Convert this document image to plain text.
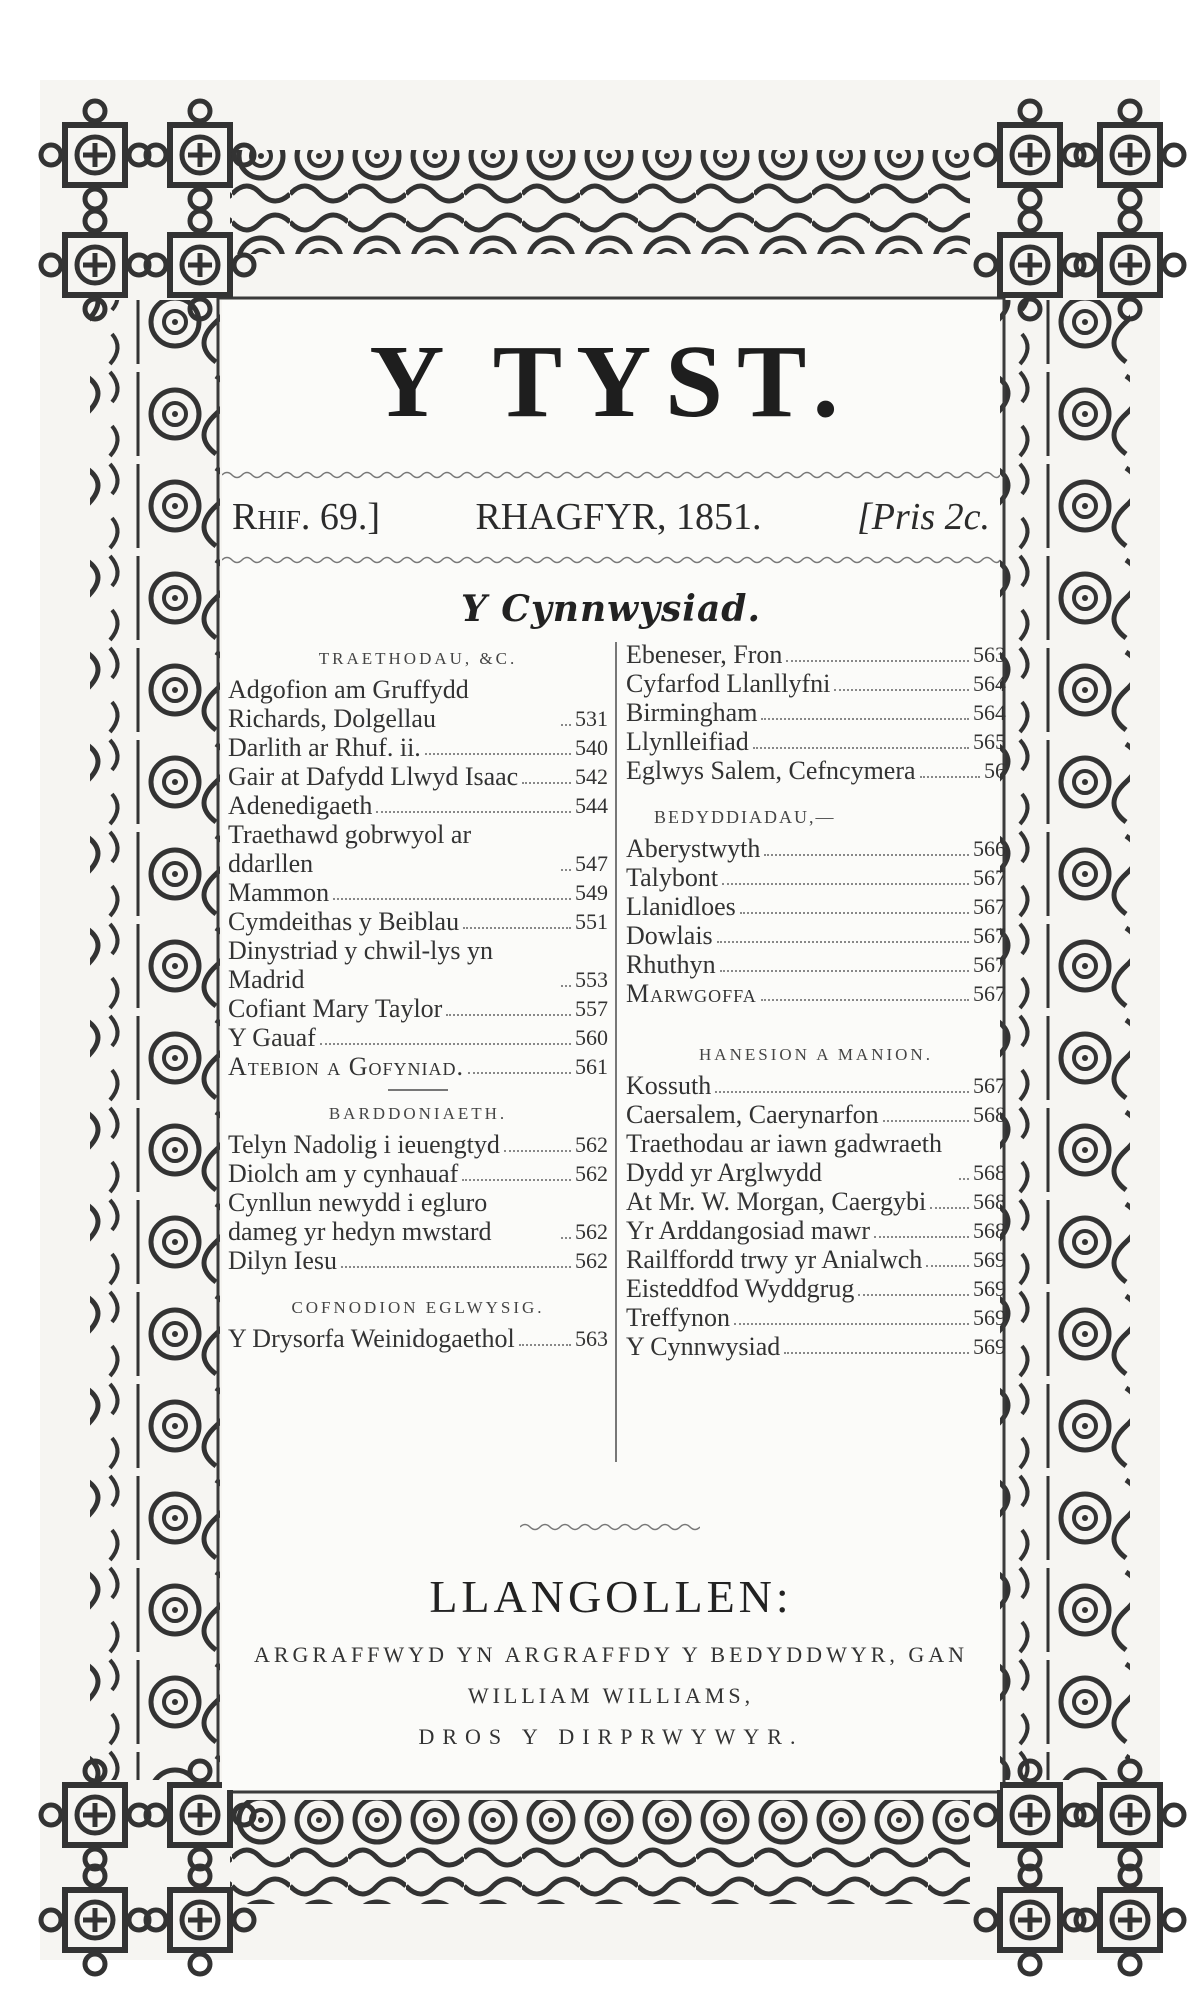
Y TYST.
Rhif. 69.]	RHAGFYR, 1851.	[Pris 2c.
Y Cynnwysiad.
TRAETHODAU, &C.
Adgofion am Gruffydd Richards, Dolgellau	531
Darlith ar Rhuf. ii.	540
Gair at Dafydd Llwyd Isaac	542
Adenedigaeth	544
Traethawd gobrwyol ar ddarllen	547
Mammon	549
Cymdeithas y Beiblau	551
Dinystriad y chwil-lys yn Madrid	553
Cofiant Mary Taylor	557
Y Gauaf	560
Atebion a Gofyniad.	561
BARDDONIAETH.
Telyn Nadolig i ieuengtyd	562
Diolch am y cynhauaf	562
Cynllun newydd i egluro dameg yr hedyn mwstard	562
Dilyn Iesu	562
COFNODION EGLWYSIG.
Y Drysorfa Weinidogaethol	563
Ebeneser, Fron	563
Cyfarfod Llanllyfni	564
Birmingham	564
Llynlleifiad	565
Eglwys Salem, Cefncymera	56
BEDYDDIADAU,—
Aberystwyth	566
Talybont	567
Llanidloes	567
Dowlais	567
Rhuthyn	567
Marwgoffa	567
HANESION A MANION.
Kossuth	567
Caersalem, Caerynarfon	568
Traethodau ar iawn gadwraeth Dydd yr Arglwydd	568
At Mr. W. Morgan, Caergybi 568
Yr Arddangosiad mawr	568
Railffordd trwy yr Anialwch 569
Eisteddfod Wyddgrug	569
Treffynon	569
Y Cynnwysiad	569
LLANGOLLEN:
ARGRAFFWYD YN ARGRAFFDY Y BEDYDDWYR, GAN
WILLIAM WILLIAMS,
DROS Y DIRPRWYWYR.
